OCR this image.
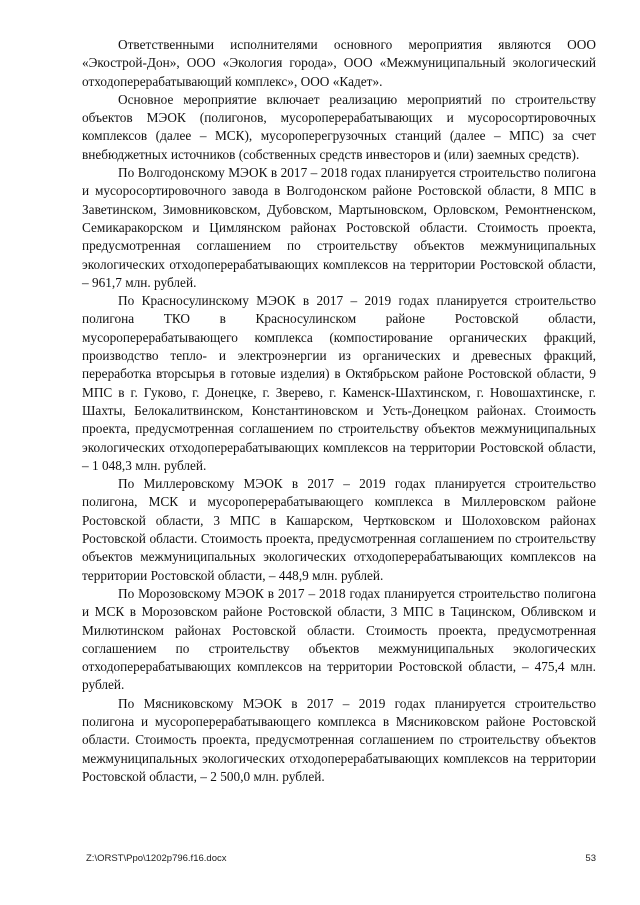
Ответственными исполнителями основного мероприятия являются ООО «Экострой-Дон», ООО «Экология города», ООО «Межмуниципальный экологический отходоперерабатывающий комплекс», ООО «Кадет».

Основное мероприятие включает реализацию мероприятий по строительству объектов МЭОК (полигонов, мусороперерабатывающих и мусоросортировочных комплексов (далее – МСК), мусороперегрузочных станций (далее – МПС) за счет внебюджетных источников (собственных средств инвесторов и (или) заемных средств).

По Волгодонскому МЭОК в 2017 – 2018 годах планируется строительство полигона и мусоросортировочного завода в Волгодонском районе Ростовской области, 8 МПС в Заветинском, Зимовниковском, Дубовском, Мартыновском, Орловском, Ремонтненском, Семикаракорском и Цимлянском районах Ростовской области. Стоимость проекта, предусмотренная соглашением по строительству объектов межмуниципальных экологических отходоперерабатывающих комплексов на территории Ростовской области, – 961,7 млн. рублей.

По Красносулинскому МЭОК в 2017 – 2019 годах планируется строительство полигона ТКО в Красносулинском районе Ростовской области, мусороперерабатывающего комплекса (компостирование органических фракций, производство тепло- и электроэнергии из органических и древесных фракций, переработка вторсырья в готовые изделия) в Октябрьском районе Ростовской области, 9 МПС в г. Гуково, г. Донецке, г. Зверево, г. Каменск-Шахтинском, г. Новошахтинске, г. Шахты, Белокалитвинском, Константиновском и Усть-Донецком районах. Стоимость проекта, предусмотренная соглашением по строительству объектов межмуниципальных экологических отходоперерабатывающих комплексов на территории Ростовской области, – 1 048,3 млн. рублей.

По Миллеровскому МЭОК в 2017 – 2019 годах планируется строительство полигона, МСК и мусороперерабатывающего комплекса в Миллеровском районе Ростовской области, 3 МПС в Кашарском, Чертковском и Шолоховском районах Ростовской области. Стоимость проекта, предусмотренная соглашением по строительству объектов межмуниципальных экологических отходоперерабатывающих комплексов на территории Ростовской области, – 448,9 млн. рублей.

По Морозовскому МЭОК в 2017 – 2018 годах планируется строительство полигона и МСК в Морозовском районе Ростовской области, 3 МПС в Тацинском, Обливском и Милютинском районах Ростовской области. Стоимость проекта, предусмотренная соглашением по строительству объектов межмуниципальных экологических отходоперерабатывающих комплексов на территории Ростовской области, – 475,4 млн. рублей.

По Мясниковскому МЭОК в 2017 – 2019 годах планируется строительство полигона и мусороперерабатывающего комплекса в Мясниковском районе Ростовской области. Стоимость проекта, предусмотренная соглашением по строительству объектов межмуниципальных экологических отходоперерабатывающих комплексов на территории Ростовской области, – 2 500,0 млн. рублей.

Z:\ORST\Ppo\1202p796.f16.docx	53
